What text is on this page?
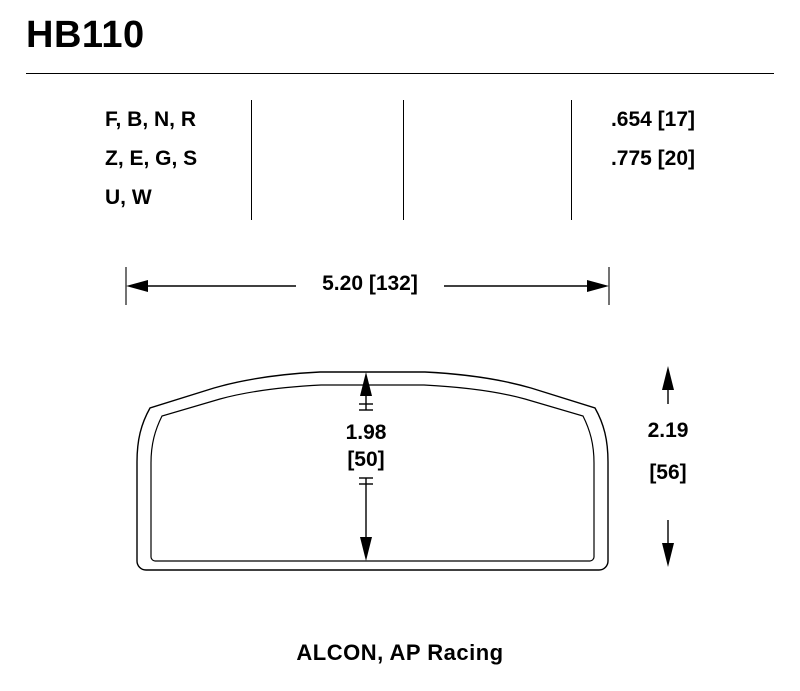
HB110
F, B, N, R
Z, E, G, S
U, W
.654 [17]
.775 [20]
5.20 [132]
1.98
[50]
2.19
[56]
ALCON, AP Racing
